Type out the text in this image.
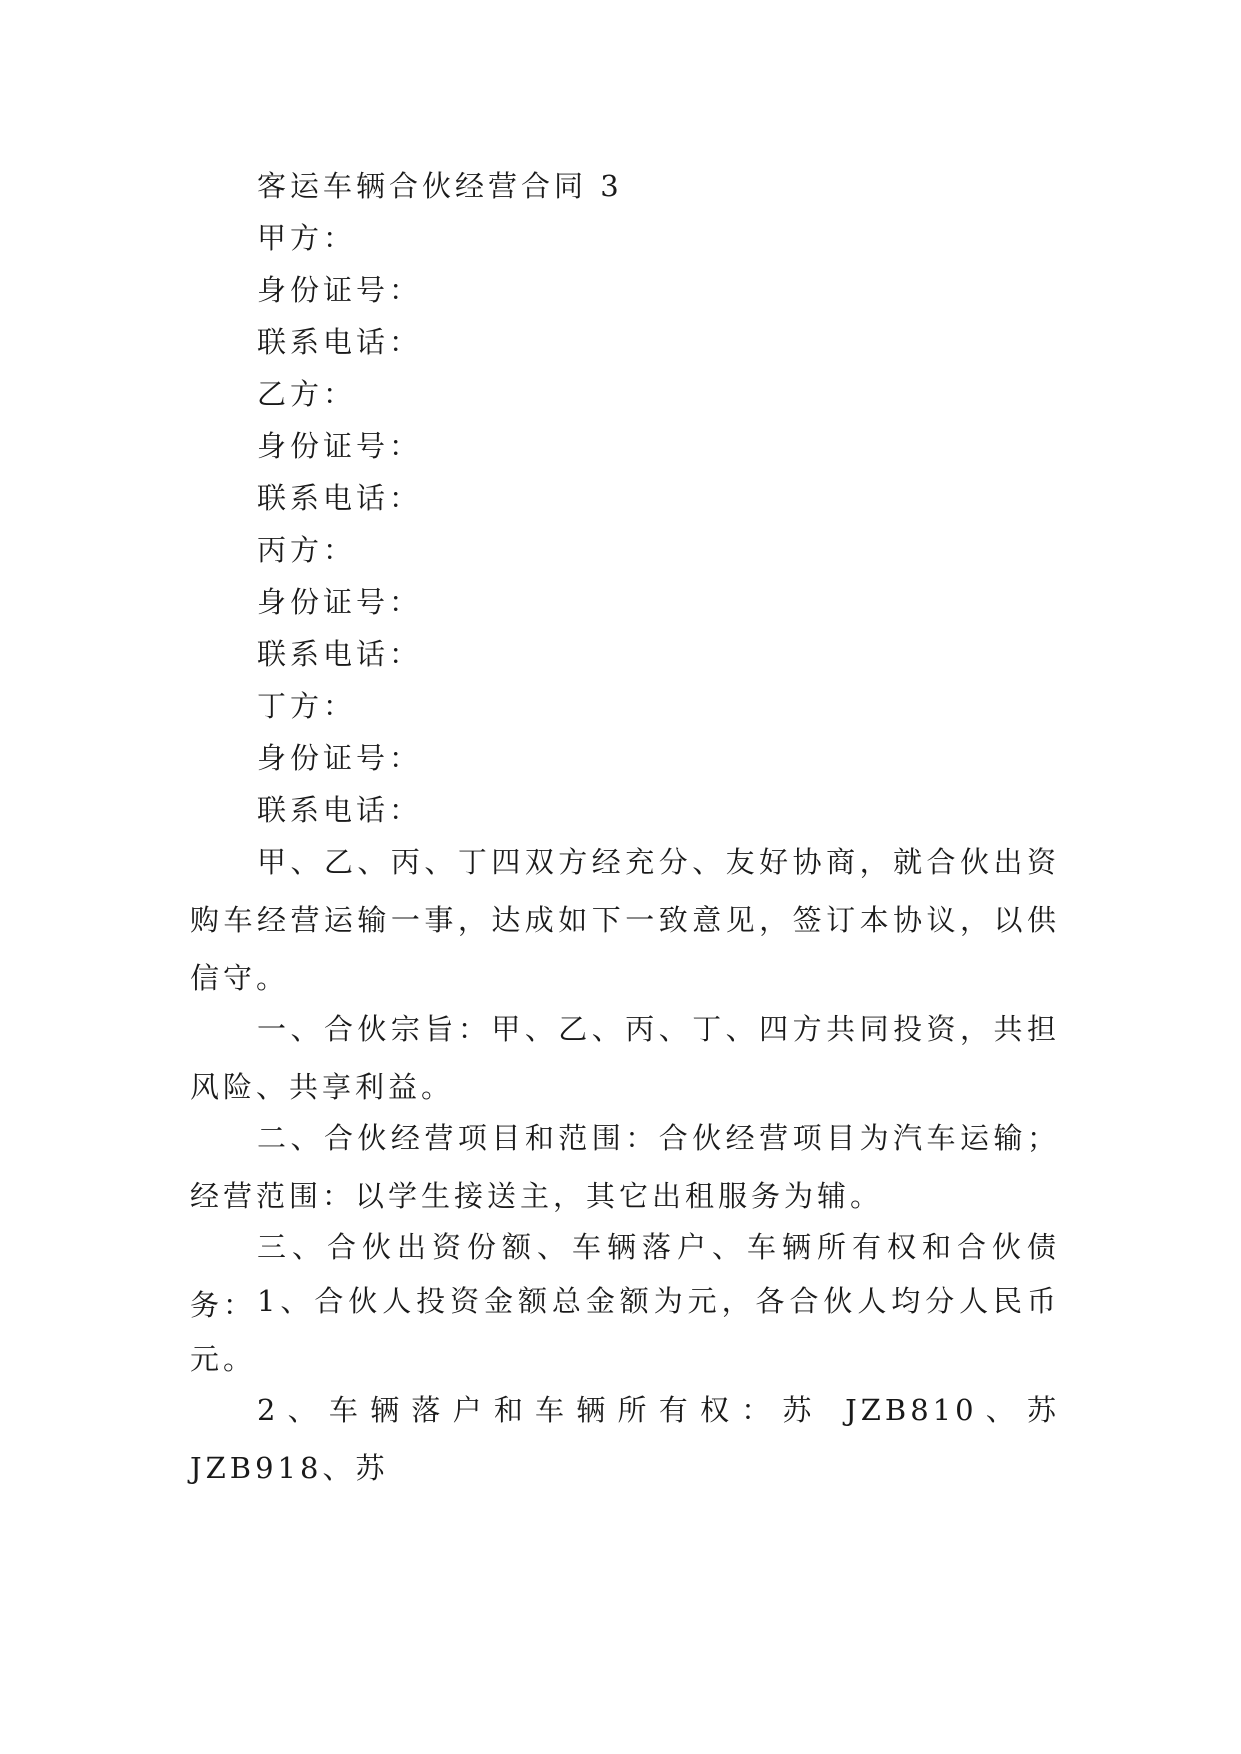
客运车辆合伙经营合同 3
甲方：
身份证号：
联系电话：
乙方：
身份证号：
联系电话：
丙方：
身份证号：
联系电话：
丁方：
身份证号：
联系电话：
甲、乙、丙、丁四双方经充分、友好协商，就合伙出资购车经营运输一事，达成如下一致意见，签订本协议，以供信守。
一、合伙宗旨：甲、乙、丙、丁、四方共同投资，共担风险、共享利益。
二、合伙经营项目和范围：合伙经营项目为汽车运输；经营范围：以学生接送主，其它出租服务为辅。
三、合伙出资份额、车辆落户、车辆所有权和合伙债务： 1、合伙人投资金额总金额为元，各合伙人均分人民币元。
2、车辆落户和车辆所有权：苏 JZB810、苏 JZB918、苏
